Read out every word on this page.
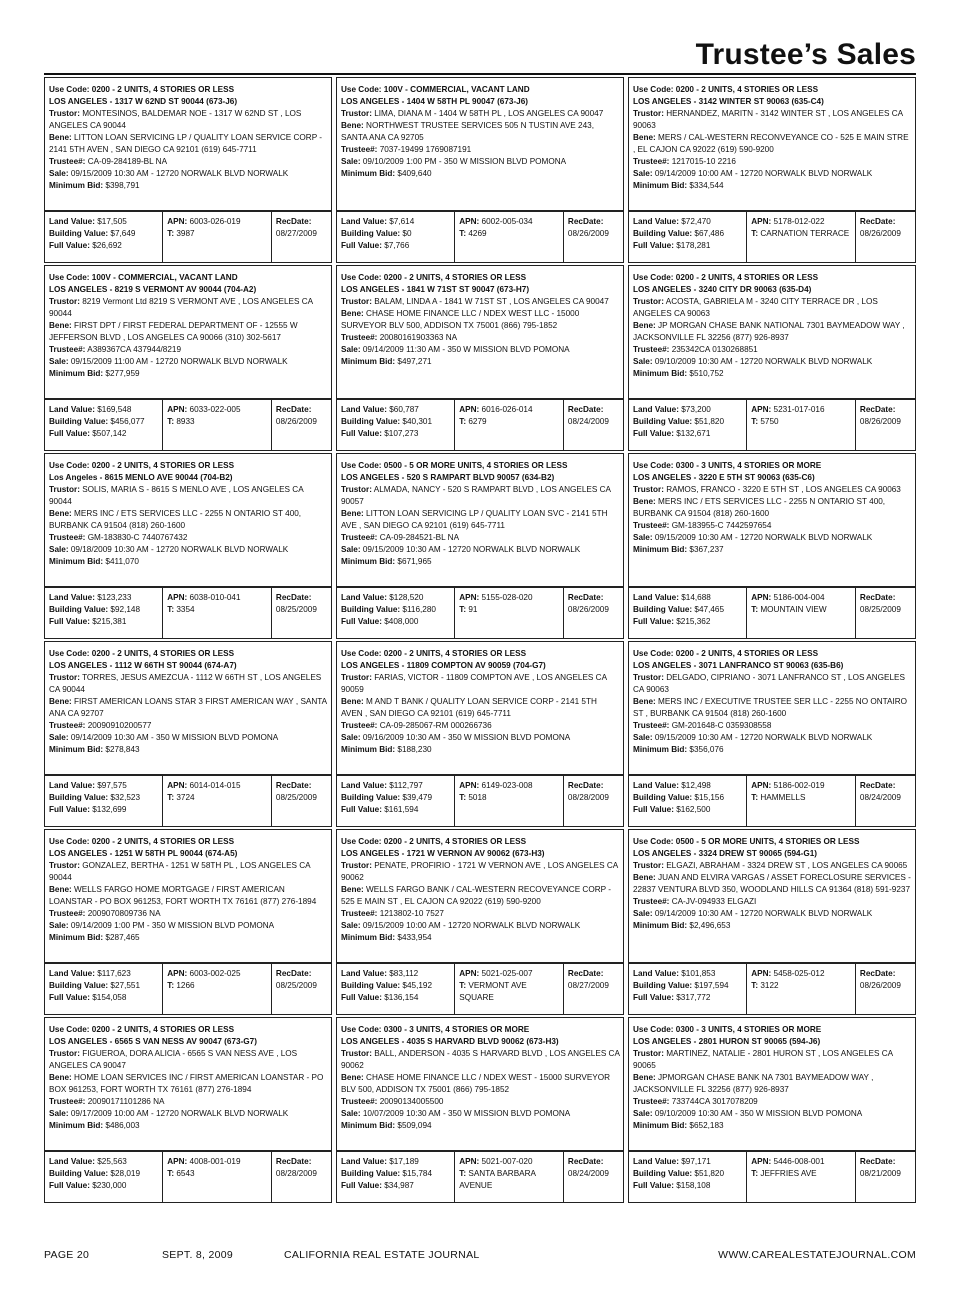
Trustee’s Sales
Use Code: 0200 - 2 UNITS, 4 STORIES OR LESS
LOS ANGELES - 1317 W 62ND ST 90044 (673-J6)
Trustor: MONTESINOS, BALDEMAR NOE - 1317 W 62ND ST , LOS ANGELES CA 90044
Bene: LITTON LOAN SERVICING LP / QUALITY LOAN SERVICE CORP - 2141 5TH AVEN , SAN DIEGO CA 92101 (619) 645-7711
Trustee#: CA-09-284189-BL NA
Sale: 09/15/2009 10:30 AM - 12720 NORWALK BLVD NORWALK
Minimum Bid: $398,791
Land Value: $17,505
Building Value: $7,649
Full Value: $26,692
APN: 6003-026-019
T: 3987
RecDate:
08/27/2009
Use Code: 100V - COMMERCIAL, VACANT LAND
LOS ANGELES - 1404 W 58TH PL 90047 (673-J6)
Trustor: LIMA, DIANA M - 1404 W 58TH PL , LOS ANGELES CA 90047
Bene: NORTHWEST TRUSTEE SERVICES 505 N TUSTIN AVE 243, SANTA ANA CA 92705
Trustee#: 7037-19499 1769087191
Sale: 09/10/2009 1:00 PM - 350 W MISSION BLVD POMONA
Minimum Bid: $409,640
Land Value: $7,614
Building Value: $0
Full Value: $7,766
APN: 6002-005-034
T: 4269
RecDate:
08/26/2009
Use Code: 0200 - 2 UNITS, 4 STORIES OR LESS
LOS ANGELES - 3142 WINTER ST 90063 (635-C4)
Trustor: HERNANDEZ, MARITN - 3142 WINTER ST , LOS ANGELES CA 90063
Bene: MERS / CAL-WESTERN RECONVEYANCE CO - 525 E MAIN STRE , EL CAJON CA 92022 (619) 590-9200
Trustee#: 1217015-10 2216
Sale: 09/14/2009 10:00 AM - 12720 NORWALK BLVD NORWALK
Minimum Bid: $334,544
Land Value: $72,470
Building Value: $67,486
Full Value: $178,281
APN: 5178-012-022
T: CARNATION TERRACE
RecDate:
08/26/2009
Use Code: 100V - COMMERCIAL, VACANT LAND
LOS ANGELES - 8219 S VERMONT AV 90044 (704-A2)
Trustor: 8219 Vermont Ltd 8219 S VERMONT AVE , LOS ANGELES CA 90044
Bene: FIRST DPT / FIRST FEDERAL DEPARTMENT OF - 12555 W JEFFERSON BLVD , LOS ANGELES CA 90066 (310) 302-5617
Trustee#: A389367CA 437944/8219
Sale: 09/15/2009 11:00 AM - 12720 NORWALK BLVD NORWALK
Minimum Bid: $277,959
Land Value: $169,548
Building Value: $456,077
Full Value: $507,142
APN: 6033-022-005
T: 8933
RecDate:
08/26/2009
Use Code: 0200 - 2 UNITS, 4 STORIES OR LESS
LOS ANGELES - 1841 W 71ST ST 90047 (673-H7)
Trustor: BALAM, LINDA A - 1841 W 71ST ST , LOS ANGELES CA 90047
Bene: CHASE HOME FINANCE LLC / NDEX WEST LLC - 15000 SURVEYOR BLV 500, ADDISON TX 75001 (866) 795-1852
Trustee#: 20080161903363 NA
Sale: 09/14/2009 11:30 AM - 350 W MISSION BLVD POMONA
Minimum Bid: $497,271
Land Value: $60,787
Building Value: $40,301
Full Value: $107,273
APN: 6016-026-014
T: 6279
RecDate:
08/24/2009
Use Code: 0200 - 2 UNITS, 4 STORIES OR LESS
LOS ANGELES - 3240 CITY DR 90063 (635-D4)
Trustor: ACOSTA, GABRIELA M - 3240 CITY TERRACE DR , LOS ANGELES CA 90063
Bene: JP MORGAN CHASE BANK NATIONAL 7301 BAYMEADOW WAY , JACKSONVILLE FL 32256 (877) 926-8937
Trustee#: 235342CA 0130268851
Sale: 09/10/2009 10:30 AM - 12720 NORWALK BLVD NORWALK
Minimum Bid: $510,752
Land Value: $73,200
Building Value: $51,820
Full Value: $132,671
APN: 5231-017-016
T: 5750
RecDate:
08/26/2009
Use Code: 0200 - 2 UNITS, 4 STORIES OR LESS
Los Angeles - 8615 MENLO AVE 90044 (704-B2)
Trustor: SOLIS, MARIA S - 8615 S MENLO AVE , LOS ANGELES CA 90044
Bene: MERS INC / ETS SERVICES LLC - 2255 N ONTARIO ST 400, BURBANK CA 91504 (818) 260-1600
Trustee#: GM-183830-C 7440767432
Sale: 09/18/2009 10:30 AM - 12720 NORWALK BLVD NORWALK
Minimum Bid: $411,070
Land Value: $123,233
Building Value: $92,148
Full Value: $215,381
APN: 6038-010-041
T: 3354
RecDate:
08/25/2009
Use Code: 0500 - 5 OR MORE UNITS, 4 STORIES OR LESS
LOS ANGELES - 520 S RAMPART BLVD 90057 (634-B2)
Trustor: ALMADA, NANCY - 520 S RAMPART BLVD , LOS ANGELES CA 90057
Bene: LITTON LOAN SERVICING LP / QUALITY LOAN SVC - 2141 5TH AVE , SAN DIEGO CA 92101 (619) 645-7711
Trustee#: CA-09-284521-BL NA
Sale: 09/15/2009 10:30 AM - 12720 NORWALK BLVD NORWALK
Minimum Bid: $671,965
Land Value: $128,520
Building Value: $116,280
Full Value: $408,000
APN: 5155-028-020
T: 91
RecDate:
08/26/2009
Use Code: 0300 - 3 UNITS, 4 STORIES OR MORE
LOS ANGELES - 3220 E 5TH ST 90063 (635-C6)
Trustor: RAMOS, FRANCO - 3220 E 5TH ST , LOS ANGELES CA 90063
Bene: MERS INC / ETS SERVICES LLC - 2255 N ONTARIO ST 400, BURBANK CA 91504 (818) 260-1600
Trustee#: GM-183955-C 7442597654
Sale: 09/15/2009 10:30 AM - 12720 NORWALK BLVD NORWALK
Minimum Bid: $367,237
Land Value: $14,688
Building Value: $47,465
Full Value: $215,362
APN: 5186-004-004
T: MOUNTAIN VIEW
RecDate:
08/25/2009
Use Code: 0200 - 2 UNITS, 4 STORIES OR LESS
LOS ANGELES - 1112 W 66TH ST 90044 (674-A7)
Trustor: TORRES, JESUS AMEZCUA - 1112 W 66TH ST , LOS ANGELES CA 90044
Bene: FIRST AMERICAN LOANS STAR 3 FIRST AMERICAN WAY , SANTA ANA CA 92707
Trustee#: 20090910200577
Sale: 09/14/2009 10:30 AM - 350 W MISSION BLVD POMONA
Minimum Bid: $278,843
Land Value: $97,575
Building Value: $32,523
Full Value: $132,699
APN: 6014-014-015
T: 3724
RecDate:
08/25/2009
Use Code: 0200 - 2 UNITS, 4 STORIES OR LESS
LOS ANGELES - 11809 COMPTON AV 90059 (704-G7)
Trustor: FARIAS, VICTOR - 11809 COMPTON AVE , LOS ANGELES CA 90059
Bene: M AND T BANK / QUALITY LOAN SERVICE CORP - 2141 5TH AVEN , SAN DIEGO CA 92101 (619) 645-7711
Trustee#: CA-09-285067-RM 000266736
Sale: 09/16/2009 10:30 AM - 350 W MISSION BLVD POMONA
Minimum Bid: $188,230
Land Value: $112,797
Building Value: $39,479
Full Value: $161,594
APN: 6149-023-008
T: 5018
RecDate:
08/28/2009
Use Code: 0200 - 2 UNITS, 4 STORIES OR LESS
LOS ANGELES - 3071 LANFRANCO ST 90063 (635-B6)
Trustor: DELGADO, CIPRIANO - 3071 LANFRANCO ST , LOS ANGELES CA 90063
Bene: MERS INC / EXECUTIVE TRUSTEE SER LLC - 2255 NO ONTAIRO ST , BURBANK CA 91504 (818) 260-1600
Trustee#: GM-201648-C 0359308558
Sale: 09/15/2009 10:30 AM - 12720 NORWALK BLVD NORWALK
Minimum Bid: $356,076
Land Value: $12,498
Building Value: $15,156
Full Value: $162,500
APN: 5186-002-019
T: HAMMELLS
RecDate:
08/24/2009
Use Code: 0200 - 2 UNITS, 4 STORIES OR LESS
LOS ANGELES - 1251 W 58TH PL 90044 (674-A5)
Trustor: GONZALEZ, BERTHA - 1251 W 58TH PL , LOS ANGELES CA 90044
Bene: WELLS FARGO HOME MORTGAGE / FIRST AMERICAN LOANSTAR - PO BOX 961253, FORT WORTH TX 76161 (877) 276-1894
Trustee#: 2009070809736 NA
Sale: 09/14/2009 1:00 PM - 350 W MISSION BLVD POMONA
Minimum Bid: $287,465
Land Value: $117,623
Building Value: $27,551
Full Value: $154,058
APN: 6003-002-025
T: 1266
RecDate:
08/25/2009
Use Code: 0200 - 2 UNITS, 4 STORIES OR LESS
LOS ANGELES - 1721 W VERNON AV 90062 (673-H3)
Trustor: PENATE, PROFIRIO - 1721 W VERNON AVE , LOS ANGELES CA 90062
Bene: WELLS FARGO BANK / CAL-WESTERN RECOVEYANCE CORP - 525 E MAIN ST , EL CAJON CA 92022 (619) 590-9200
Trustee#: 1213802-10 7527
Sale: 09/15/2009 10:00 AM - 12720 NORWALK BLVD NORWALK
Minimum Bid: $433,954
Land Value: $83,112
Building Value: $45,192
Full Value: $136,154
APN: 5021-025-007
T: VERMONT AVE SQUARE
RecDate:
08/27/2009
Use Code: 0500 - 5 OR MORE UNITS, 4 STORIES OR LESS
LOS ANGELES - 3324 DREW ST 90065 (594-G1)
Trustor: ELGAZI, ABRAHAM - 3324 DREW ST , LOS ANGELES CA 90065
Bene: JUAN AND ELVIRA VARGAS / ASSET FORECLOSURE SERVICES - 22837 VENTURA BLVD 350, WOODLAND HILLS CA 91364 (818) 591-9237
Trustee#: CA-JV-094933 ELGAZI
Sale: 09/14/2009 10:30 AM - 12720 NORWALK BLVD NORWALK
Minimum Bid: $2,496,653
Land Value: $101,853
Building Value: $197,594
Full Value: $317,772
APN: 5458-025-012
T: 3122
RecDate:
08/26/2009
Use Code: 0200 - 2 UNITS, 4 STORIES OR LESS
LOS ANGELES - 6565 S VAN NESS AV 90047 (673-G7)
Trustor: FIGUEROA, DORA ALICIA - 6565 S VAN NESS AVE , LOS ANGELES CA 90047
Bene: HOME LOAN SERVICES INC / FIRST AMERICAN LOANSTAR - PO BOX 961253, FORT WORTH TX 76161 (877) 276-1894
Trustee#: 20090171101286 NA
Sale: 09/17/2009 10:00 AM - 12720 NORWALK BLVD NORWALK
Minimum Bid: $486,003
Land Value: $25,563
Building Value: $28,019
Full Value: $230,000
APN: 4008-001-019
T: 6543
RecDate:
08/28/2009
Use Code: 0300 - 3 UNITS, 4 STORIES OR MORE
LOS ANGELES - 4035 S HARVARD BLVD 90062 (673-H3)
Trustor: BALL, ANDERSON - 4035 S HARVARD BLVD , LOS ANGELES CA 90062
Bene: CHASE HOME FINANCE LLC / NDEX WEST - 15000 SURVEYOR BLV 500, ADDISON TX 75001 (866) 795-1852
Trustee#: 20090134005500
Sale: 10/07/2009 10:30 AM - 350 W MISSION BLVD POMONA
Minimum Bid: $509,094
Land Value: $17,189
Building Value: $15,784
Full Value: $34,987
APN: 5021-007-020
T: SANTA BARBARA AVENUE
RecDate:
08/24/2009
Use Code: 0300 - 3 UNITS, 4 STORIES OR MORE
LOS ANGELES - 2801 HURON ST 90065 (594-J6)
Trustor: MARTINEZ, NATALIE - 2801 HURON ST , LOS ANGELES CA 90065
Bene: JPMORGAN CHASE BANK NA 7301 BAYMEADOW WAY , JACKSONVILLE FL 32256 (877) 926-8937
Trustee#: 733744CA 3017078209
Sale: 09/10/2009 10:30 AM - 350 W MISSION BLVD POMONA
Minimum Bid: $652,183
Land Value: $97,171
Building Value: $51,820
Full Value: $158,108
APN: 5446-008-001
T: JEFFRIES AVE
RecDate:
08/21/2009
PAGE 20	SEPT. 8, 2009	CALIFORNIA REAL ESTATE JOURNAL	WWW.CAREALESTATEJOURNAL.COM
